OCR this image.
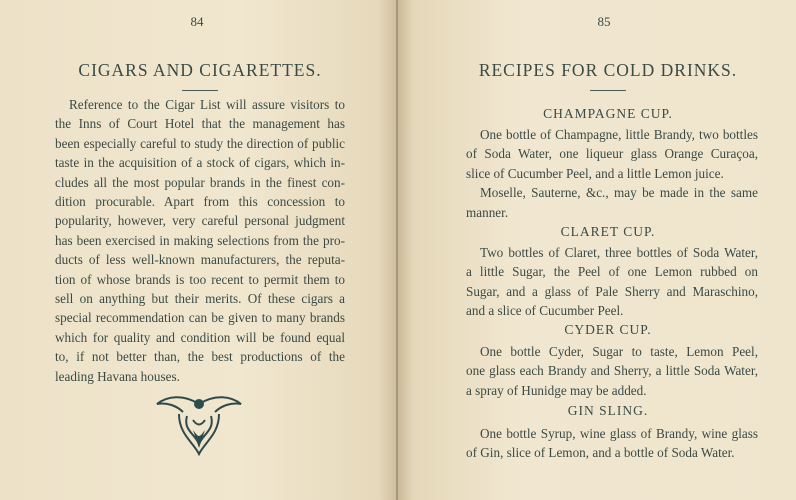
84
CIGARS AND CIGARETTES.
Reference to the Cigar List will assure visitors to
the Inns of Court Hotel that the management has
been especially careful to study the direction of public
taste in the acquisition of a stock of cigars, which in-
cludes all the most popular brands in the finest con-
dition procurable. Apart from this concession to
popularity, however, very careful personal judgment
has been exercised in making selections from the pro-
ducts of less well-known manufacturers, the reputa-
tion of whose brands is too recent to permit them to
sell on anything but their merits. Of these cigars a
special recommendation can be given to many brands
which for quality and condition will be found equal
to, if not better than, the best productions of the
leading Havana houses.
85
RECIPES FOR COLD DRINKS.
CHAMPAGNE CUP.
One bottle of Champagne, little Brandy, two bottles
of Soda Water, one liqueur glass Orange Curaçoa,
slice of Cucumber Peel, and a little Lemon juice.
Moselle, Sauterne, &c., may be made in the same
manner.
CLARET CUP.
Two bottles of Claret, three bottles of Soda Water,
a little Sugar, the Peel of one Lemon rubbed on
Sugar, and a glass of Pale Sherry and Maraschino,
and a slice of Cucumber Peel.
CYDER CUP.
One bottle Cyder, Sugar to taste, Lemon Peel,
one glass each Brandy and Sherry, a little Soda Water,
a spray of Hunidge may be added.
GIN SLING.
One bottle Syrup, wine glass of Brandy, wine glass
of Gin, slice of Lemon, and a bottle of Soda Water.
